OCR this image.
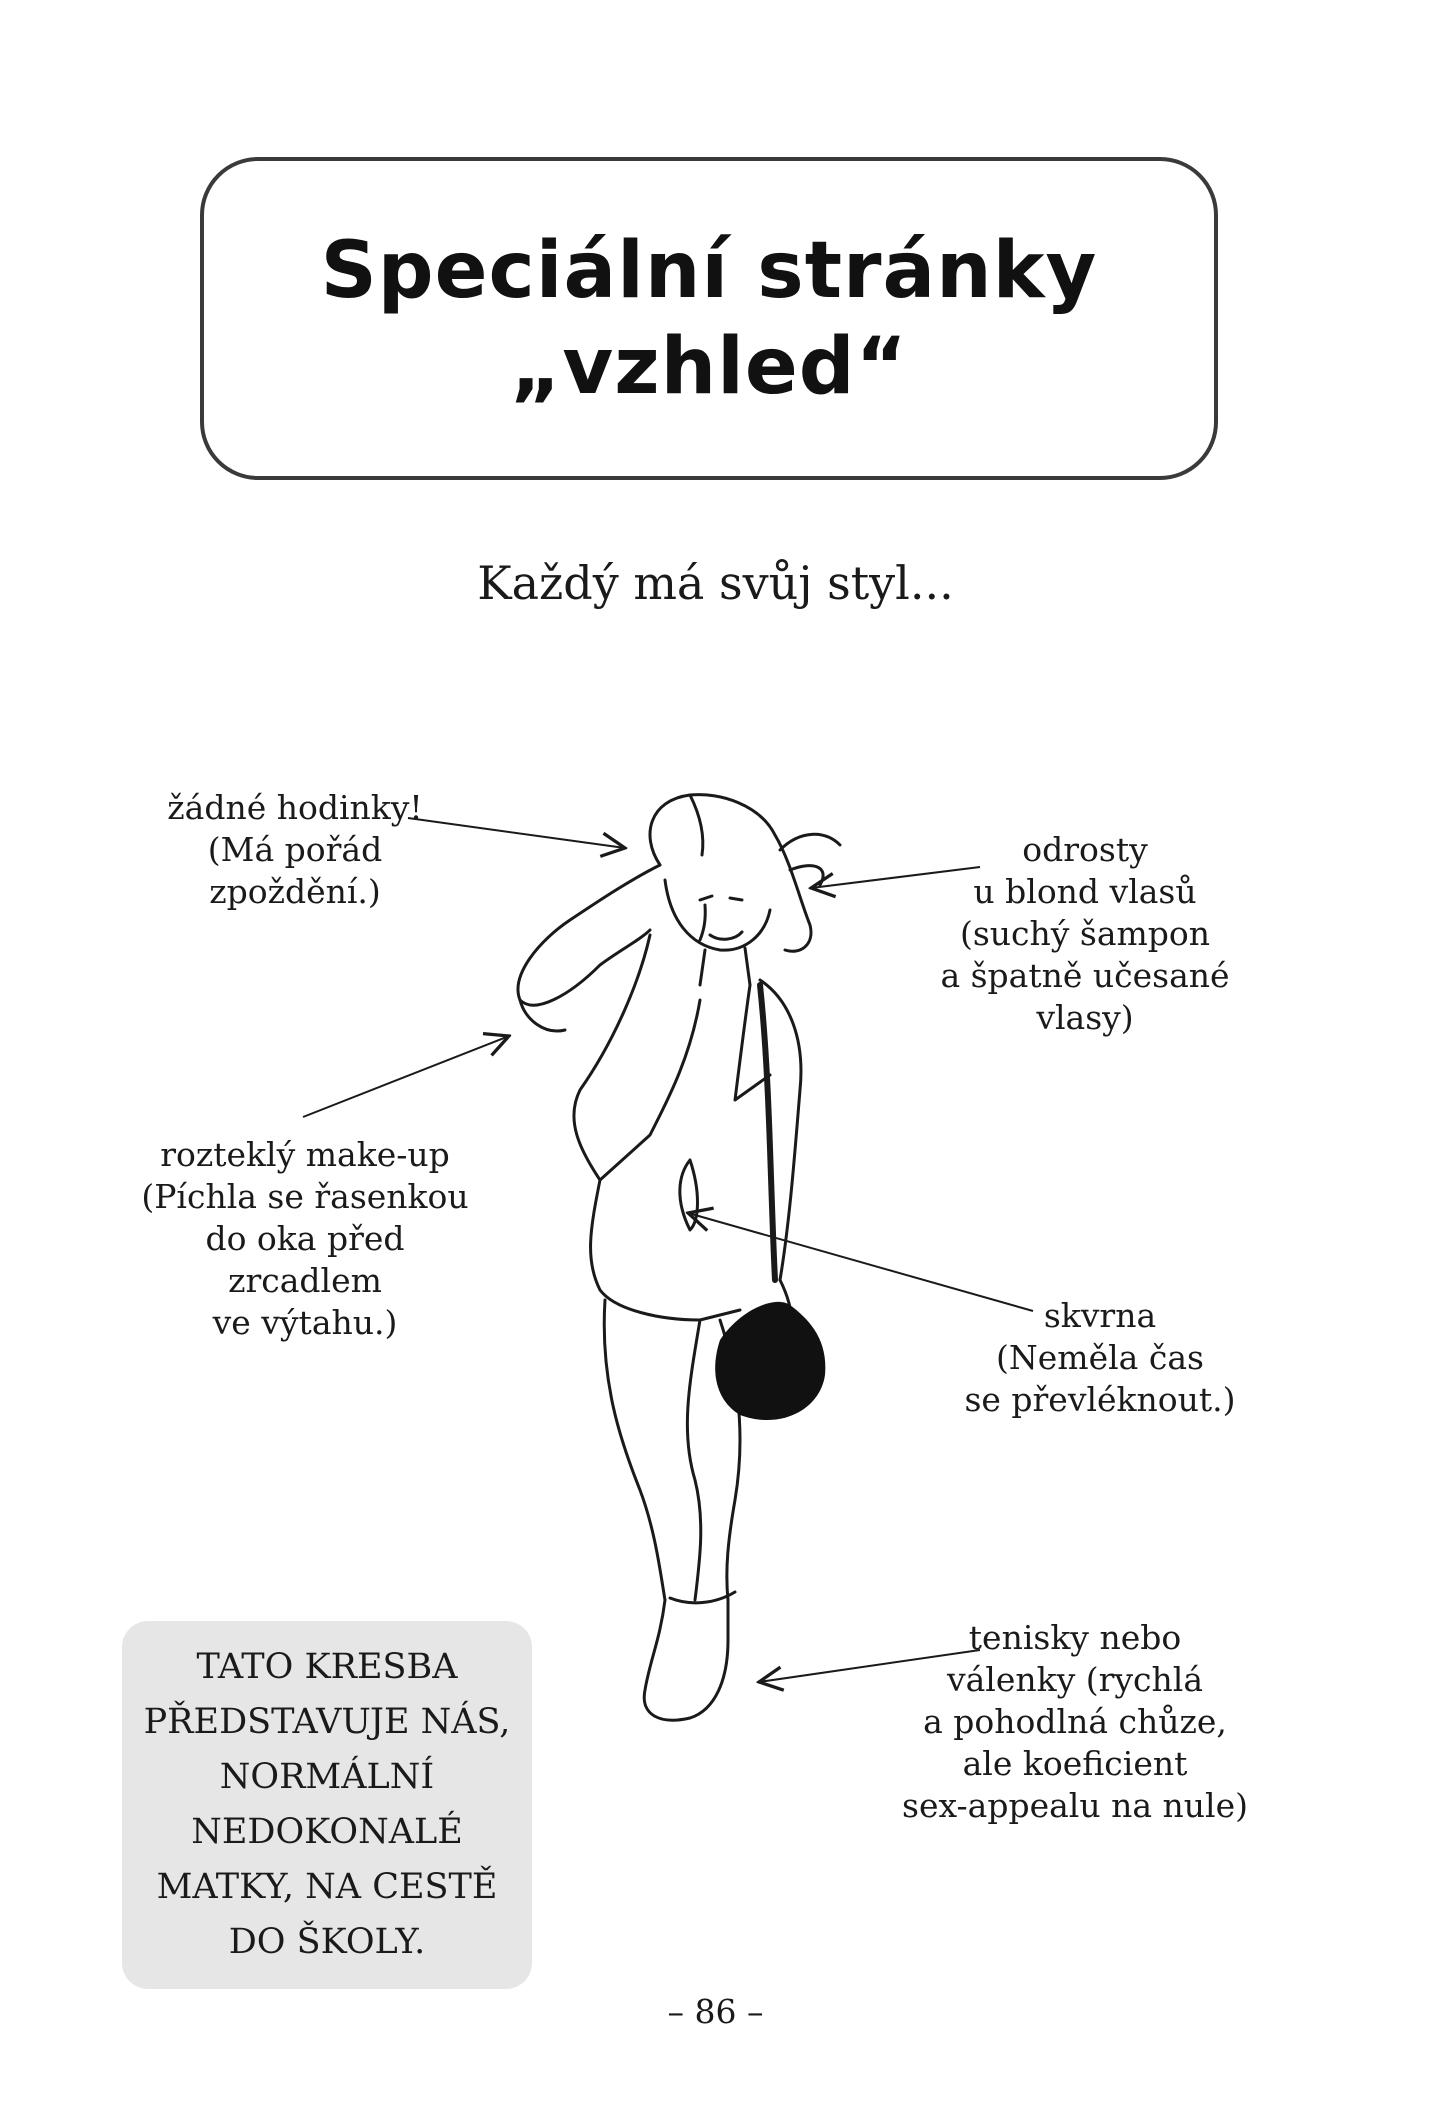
Speciální stránky
„vzhled“
Každý má svůj styl...
žádné hodinky!
(Má pořád
zpoždění.)
odrosty
u blond vlasů
(suchý šampon
a špatně učesané
vlasy)
rozteklý make-up
(Píchla se řasenkou
do oka před
zrcadlem
ve výtahu.)	skvrna
(Neměla čas
se převléknout.)
tenisky nebo
válenky (rychlá
a pohodlná chůze,
ale koeficient
sex-appealu na nule)
TATO KRESBA
PŘEDSTAVUJE NÁS,
NORMÁLNÍ
NEDOKONALÉ
MATKY, NA CESTĚ
DO ŠKOLY.
– 86 –
